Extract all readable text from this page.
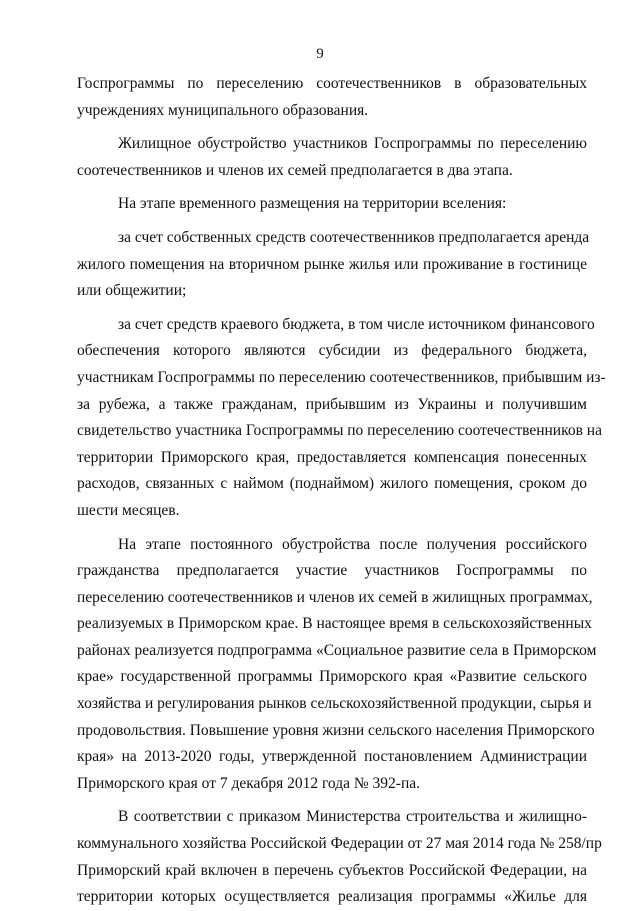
9

Госпрограммы по переселению соотечественников в образовательных
учреждениях муниципального образования.

Жилищное обустройство участников Госпрограммы по переселению
соотечественников и членов их семей предполагается в два этапа.

На этапе временного размещения на территории вселения:

за счет собственных средств соотечественников предполагается аренда
жилого помещения на вторичном рынке жилья или проживание в гостинице
или общежитии;

за счет средств краевого бюджета, в том числе источником финансового
обеспечения которого являются субсидии из федерального бюджета,
участникам Госпрограммы по переселению соотечественников, прибывшим из-
за рубежа, а также гражданам, прибывшим из Украины и получившим
свидетельство участника Госпрограммы по переселению соотечественников на
территории Приморского края, предоставляется компенсация понесенных
расходов, связанных с наймом (поднаймом) жилого помещения, сроком до
шести месяцев.

На этапе постоянного обустройства после получения российского
гражданства предполагается участие участников Госпрограммы по
переселению соотечественников и членов их семей в жилищных программах,
реализуемых в Приморском крае. В настоящее время в сельскохозяйственных
районах реализуется подпрограмма «Социальное развитие села в Приморском
крае» государственной программы Приморского края «Развитие сельского
хозяйства и регулирования рынков сельскохозяйственной продукции, сырья и
продовольствия. Повышение уровня жизни сельского населения Приморского
края» на 2013-2020 годы, утвержденной постановлением Администрации
Приморского края от 7 декабря 2012 года № 392-па.

В соответствии с приказом Министерства строительства и жилищно-
коммунального хозяйства Российской Федерации от 27 мая 2014 года № 258/пр
Приморский край включен в перечень субъектов Российской Федерации, на
территории которых осуществляется реализация программы «Жилье для
